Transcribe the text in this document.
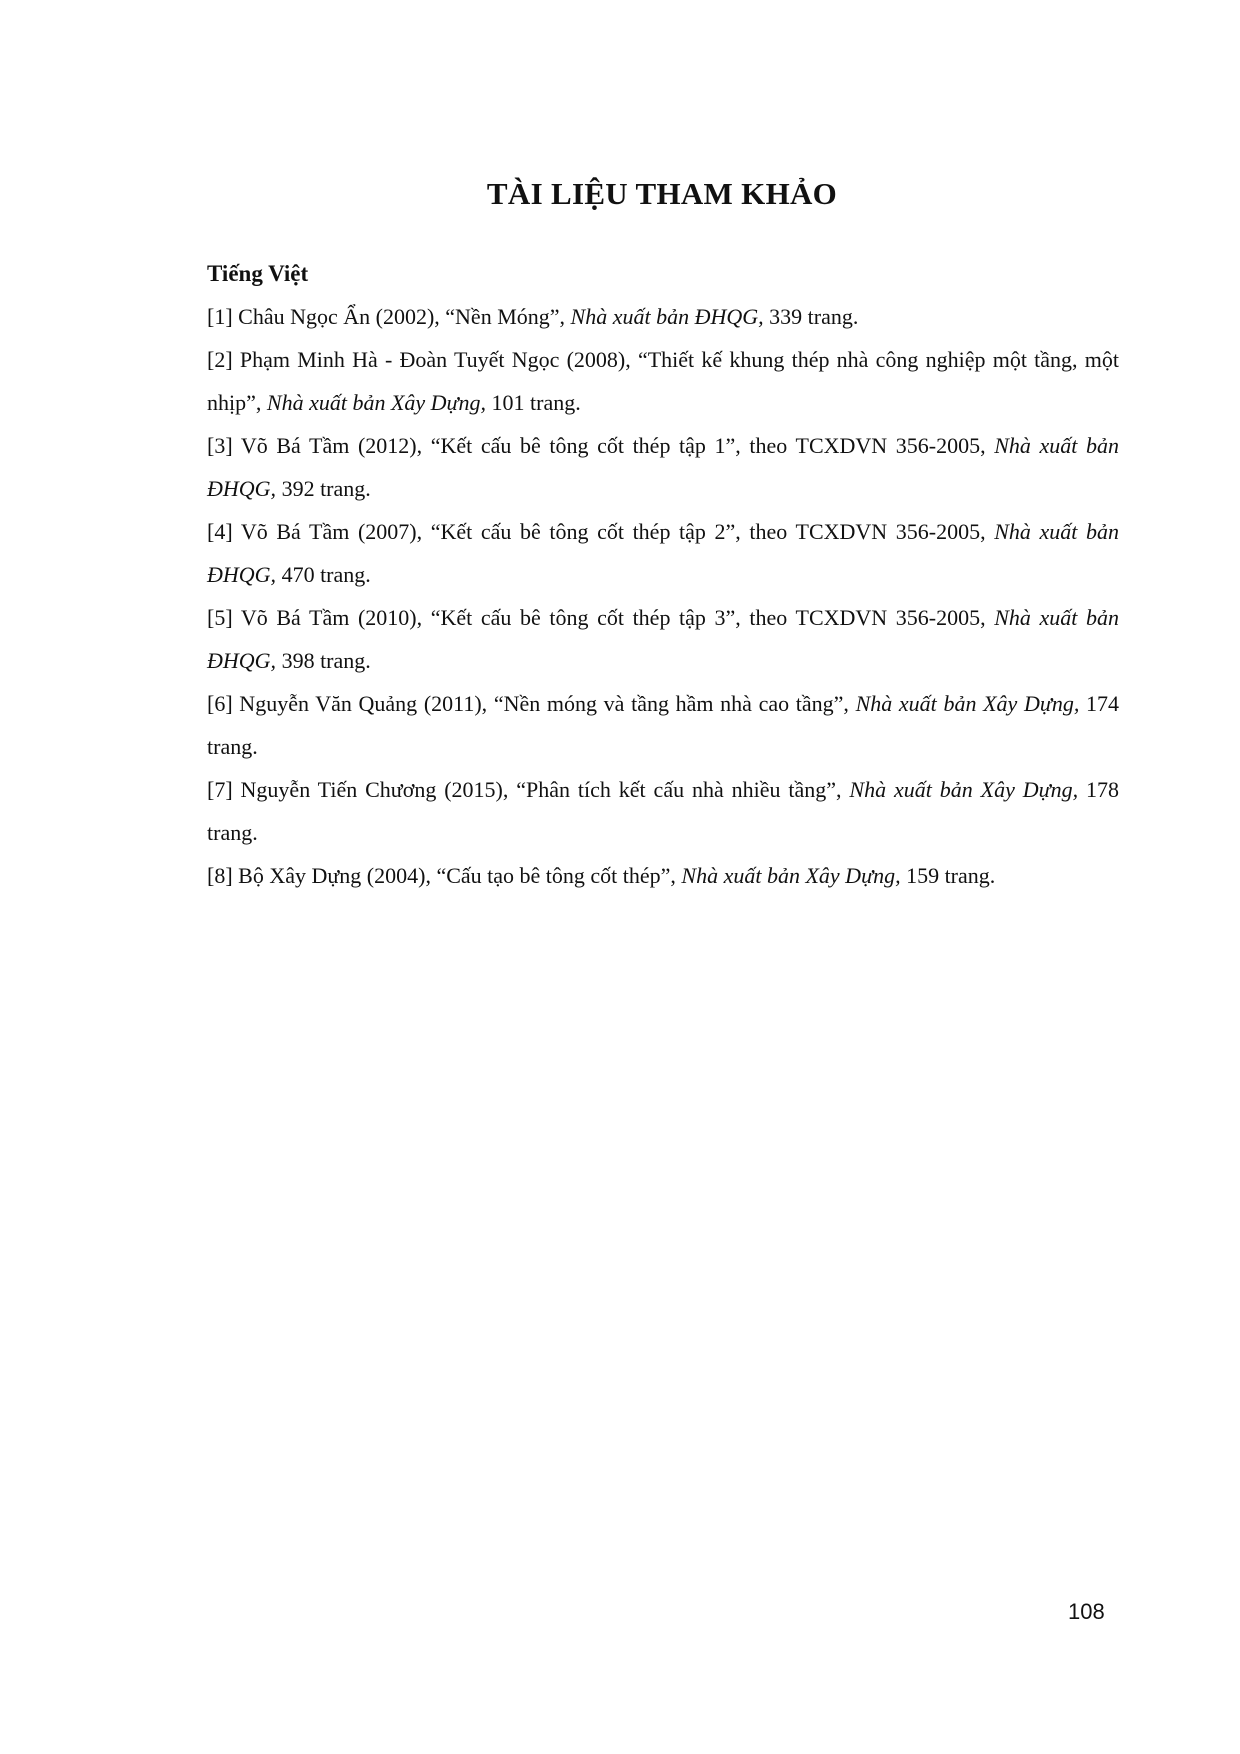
TÀI LIỆU THAM KHẢO

Tiếng Việt

[1] Châu Ngọc Ẩn (2002), “Nền Móng”, Nhà xuất bản ĐHQG, 339 trang.
[2] Phạm Minh Hà - Đoàn Tuyết Ngọc (2008), “Thiết kế khung thép nhà công nghiệp một tầng, một nhịp”, Nhà xuất bản Xây Dựng, 101 trang.
[3] Võ Bá Tầm (2012), “Kết cấu bê tông cốt thép tập 1”, theo TCXDVN 356-2005, Nhà xuất bản ĐHQG, 392 trang.
[4] Võ Bá Tầm (2007), “Kết cấu bê tông cốt thép tập 2”, theo TCXDVN 356-2005, Nhà xuất bản ĐHQG, 470 trang.
[5] Võ Bá Tầm (2010), “Kết cấu bê tông cốt thép tập 3”, theo TCXDVN 356-2005, Nhà xuất bản ĐHQG, 398 trang.
[6] Nguyễn Văn Quảng (2011), “Nền móng và tầng hầm nhà cao tầng”, Nhà xuất bản Xây Dựng, 174 trang.
[7] Nguyễn Tiến Chương (2015), “Phân tích kết cấu nhà nhiều tầng”, Nhà xuất bản Xây Dựng, 178 trang.
[8] Bộ Xây Dựng (2004), “Cấu tạo bê tông cốt thép”, Nhà xuất bản Xây Dựng, 159 trang.
108
